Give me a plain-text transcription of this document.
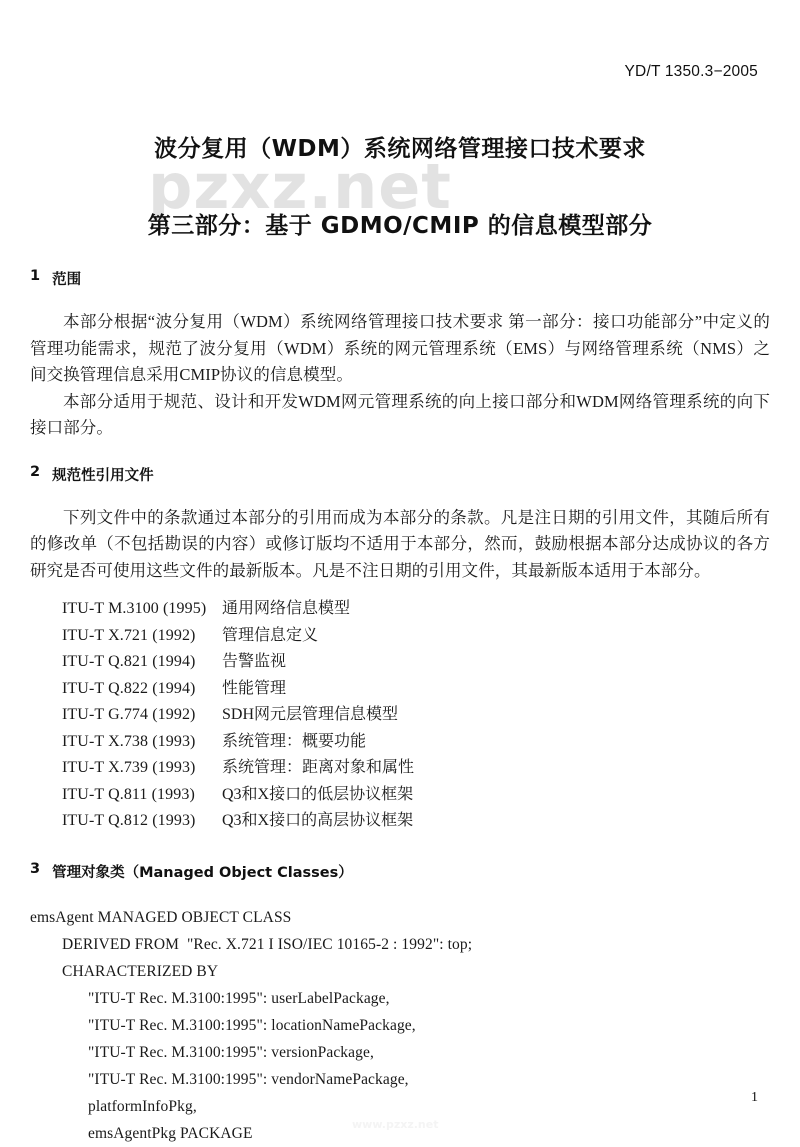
pzxz.net
YD/T 1350.3−2005
波分复用（WDM）系统网络管理接口技术要求
第三部分：基于 GDMO/CMIP 的信息模型部分
1 范围

本部分根据“波分复用（WDM）系统网络管理接口技术要求 第一部分：接口功能部分”中定义的管理功能需求，规范了波分复用（WDM）系统的网元管理系统（EMS）与网络管理系统（NMS）之间交换管理信息采用CMIP协议的信息模型。

本部分适用于规范、设计和开发WDM网元管理系统的向上接口部分和WDM网络管理系统的向下接口部分。

2 规范性引用文件

下列文件中的条款通过本部分的引用而成为本部分的条款。凡是注日期的引用文件，其随后所有的修改单（不包括勘误的内容）或修订版均不适用于本部分，然而，鼓励根据本部分达成协议的各方研究是否可使用这些文件的最新版本。凡是不注日期的引用文件，其最新版本适用于本部分。

ITU-T M.3100 (1995) 通用网络信息模型
ITU-T X.721 (1992)	管理信息定义
ITU-T Q.821 (1994)	告警监视
ITU-T Q.822 (1994)	性能管理
ITU-T G.774 (1992)	SDH网元层管理信息模型
ITU-T X.738 (1993)	系统管理：概要功能
ITU-T X.739 (1993)	系统管理：距离对象和属性
ITU-T Q.811 (1993)	Q3和X接口的低层协议框架
ITU-T Q.812 (1993)	Q3和X接口的高层协议框架
3 管理对象类（Managed Object Classes）
emsAgent MANAGED OBJECT CLASS
DERIVED FROM  "Rec. X.721 I ISO/IEC 10165-2 : 1992": top;
CHARACTERIZED BY
"ITU-T Rec. M.3100:1995": userLabelPackage,
"ITU-T Rec. M.3100:1995": locationNamePackage,
"ITU-T Rec. M.3100:1995": versionPackage,
"ITU-T Rec. M.3100:1995": vendorNamePackage,
platformInfoPkg,
emsAgentPkg PACKAGE
1
www.pzxz.net
